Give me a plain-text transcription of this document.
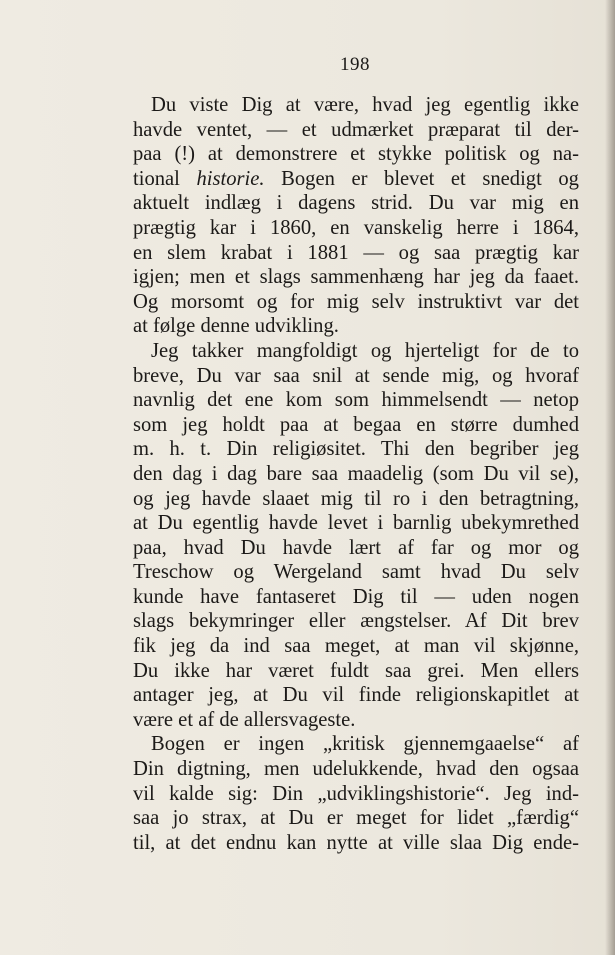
198
Du viste Dig at være, hvad jeg egentlig ikke
havde ventet, — et udmærket præparat til der-
paa (!) at demonstrere et stykke politisk og na-
tional historie. Bogen er blevet et snedigt og
aktuelt indlæg i dagens strid. Du var mig en
prægtig kar i 1860, en vanskelig herre i 1864,
en slem krabat i 1881 — og saa prægtig kar
igjen; men et slags sammenhæng har jeg da faaet.
Og morsomt og for mig selv instruktivt var det
at følge denne udvikling.
Jeg takker mangfoldigt og hjerteligt for de to
breve, Du var saa snil at sende mig, og hvoraf
navnlig det ene kom som himmelsendt — netop
som jeg holdt paa at begaa en større dumhed
m. h. t. Din religiøsitet. Thi den begriber jeg
den dag i dag bare saa maadelig (som Du vil se),
og jeg havde slaaet mig til ro i den betragtning,
at Du egentlig havde levet i barnlig ubekymrethed
paa, hvad Du havde lært af far og mor og
Treschow og Wergeland samt hvad Du selv
kunde have fantaseret Dig til — uden nogen
slags bekymringer eller ængstelser. Af Dit brev
fik jeg da ind saa meget, at man vil skjønne,
Du ikke har været fuldt saa grei. Men ellers
antager jeg, at Du vil finde religionskapitlet at
være et af de allersvageste.
Bogen er ingen „kritisk gjennemgaaelse“ af
Din digtning, men udelukkende, hvad den ogsaa
vil kalde sig: Din „udviklingshistorie“. Jeg ind-
saa jo strax, at Du er meget for lidet „færdig“
til, at det endnu kan nytte at ville slaa Dig ende-
